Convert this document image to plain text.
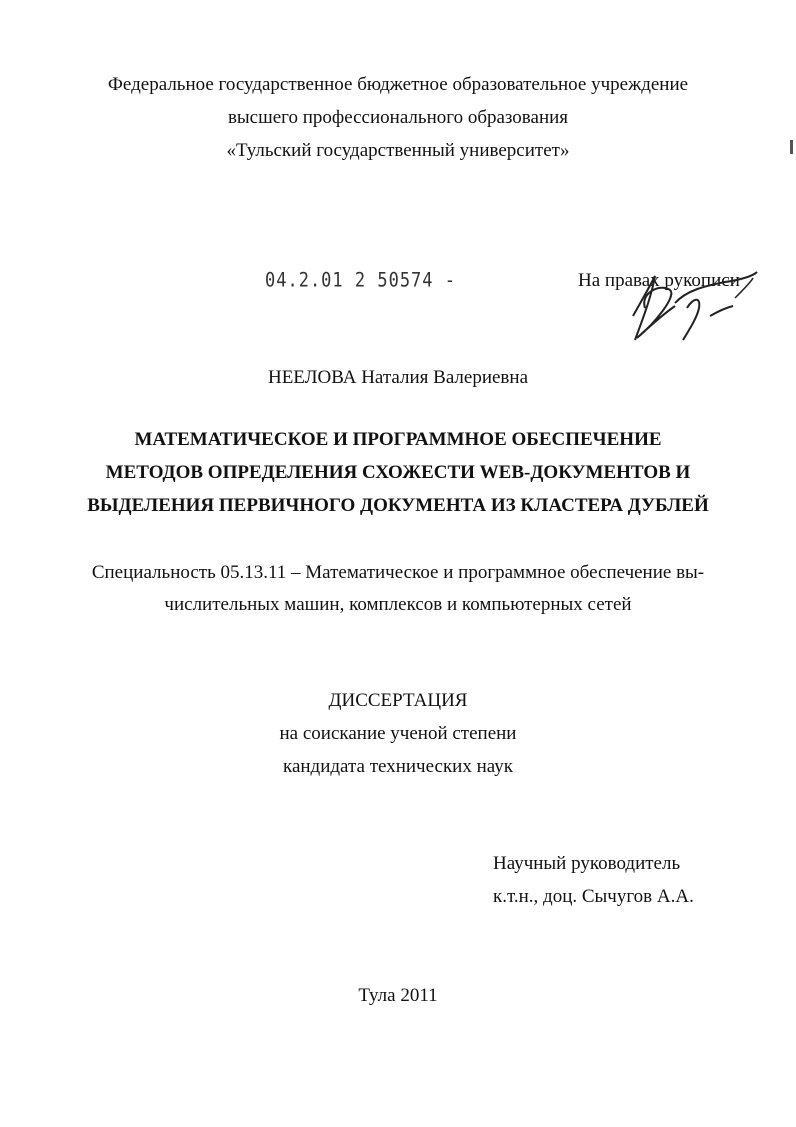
Федеральное государственное бюджетное образовательное учреждение
высшего профессионального образования
«Тульский государственный университет»
04.2.01 2 50574 -	На правах рукописи
НЕЕЛОВА Наталия Валериевна
МАТЕМАТИЧЕСКОЕ И ПРОГРАММНОЕ ОБЕСПЕЧЕНИЕ
МЕТОДОВ ОПРЕДЕЛЕНИЯ СХОЖЕСТИ WEB-ДОКУМЕНТОВ И
ВЫДЕЛЕНИЯ ПЕРВИЧНОГО ДОКУМЕНТА ИЗ КЛАСТЕРА ДУБЛЕЙ
Специальность 05.13.11 – Математическое и программное обеспечение вы-
числительных машин, комплексов и компьютерных сетей
ДИССЕРТАЦИЯ
на соискание ученой степени
кандидата технических наук
Научный руководитель
к.т.н., доц. Сычугов А.А.
Тула 2011
